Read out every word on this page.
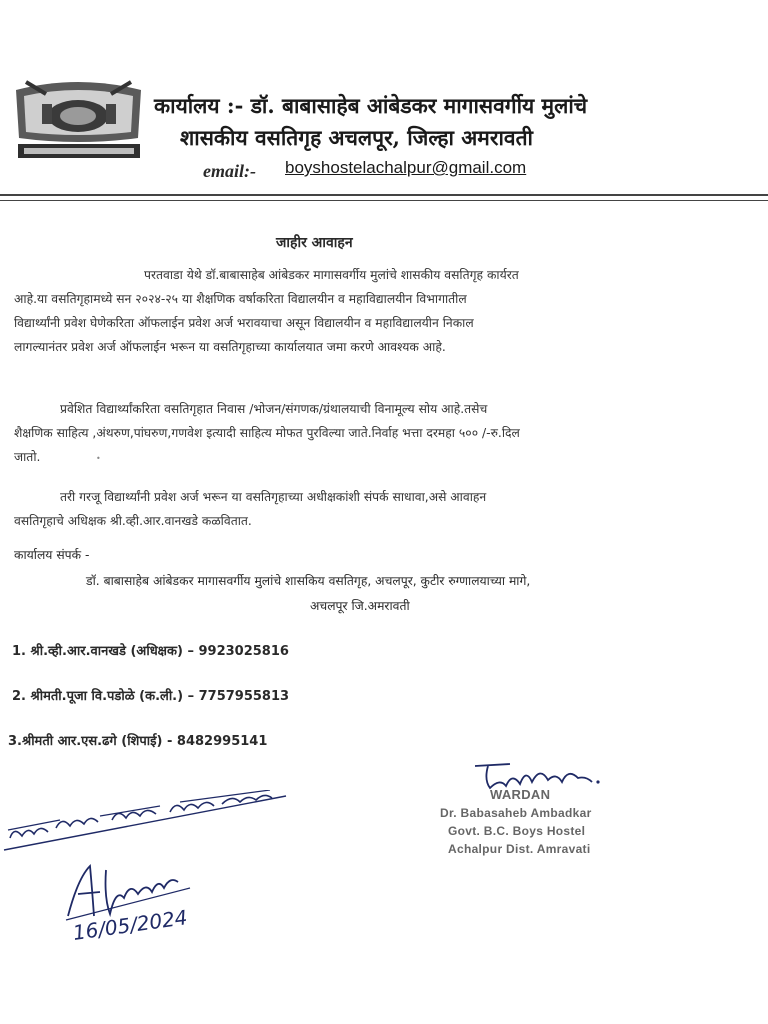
कार्यालय :- डॉ. बाबासाहेब आंबेडकर मागासवर्गीय मुलांचे
शासकीय वसतिगृह अचलपूर, जिल्हा अमरावती
email:- boyshostelachalpur@gmail.com
जाहीर आवाहन
परतवाडा येथे डॉ.बाबासाहेब आंबेडकर मागासवर्गीय मुलांचे शासकीय वसतिगृह कार्यरत
आहे.या वसतिगृहामध्ये सन २०२४-२५ या शैक्षणिक वर्षाकरिता विद्यालयीन व महाविद्यालयीन विभागातील
विद्यार्थ्यांनी प्रवेश घेणेकरिता ऑफलाईन प्रवेश अर्ज भरावयाचा असून विद्यालयीन व महाविद्यालयीन निकाल
लागल्यानंतर प्रवेश अर्ज ऑफलाईन भरून या वसतिगृहाच्या कार्यालयात जमा करणे आवश्यक आहे.
प्रवेशित विद्यार्थ्यांकरिता वसतिगृहात निवास /भोजन/संगणक/ग्रंथालयाची विनामूल्य सोय आहे.तसेच
शैक्षणिक साहित्य ,अंथरुण,पांघरुण,गणवेश इत्यादी साहित्य मोफत पुरविल्या जाते.निर्वाह भत्ता दरमहा ५०० /-रु.दिल
जातो.
तरी गरजू विद्यार्थ्यांनी प्रवेश अर्ज भरून या वसतिगृहाच्या अधीक्षकांशी संपर्क साधावा,असे आवाहन
वसतिगृहाचे अधिक्षक श्री.व्ही.आर.वानखडे कळवितात.
कार्यालय संपर्क -
डॉ. बाबासाहेब आंबेडकर मागासवर्गीय मुलांचे शासकिय वसतिगृह, अचलपूर, कुटीर रुग्णालयाच्या मागे,
अचलपूर जि.अमरावती
1. श्री.व्ही.आर.वानखडे (अधिक्षक) – 9923025816
2. श्रीमती.पूजा वि.पडोळे (क.ली.) – 7757955813
3.श्रीमती आर.एस.ढगे (शिपाई) - 8482995141
WARDAN
Dr. Babasaheb Ambadkar
Govt. B.C. Boys Hostel
Achalpur Dist. Amravati
16/05/2024
•
